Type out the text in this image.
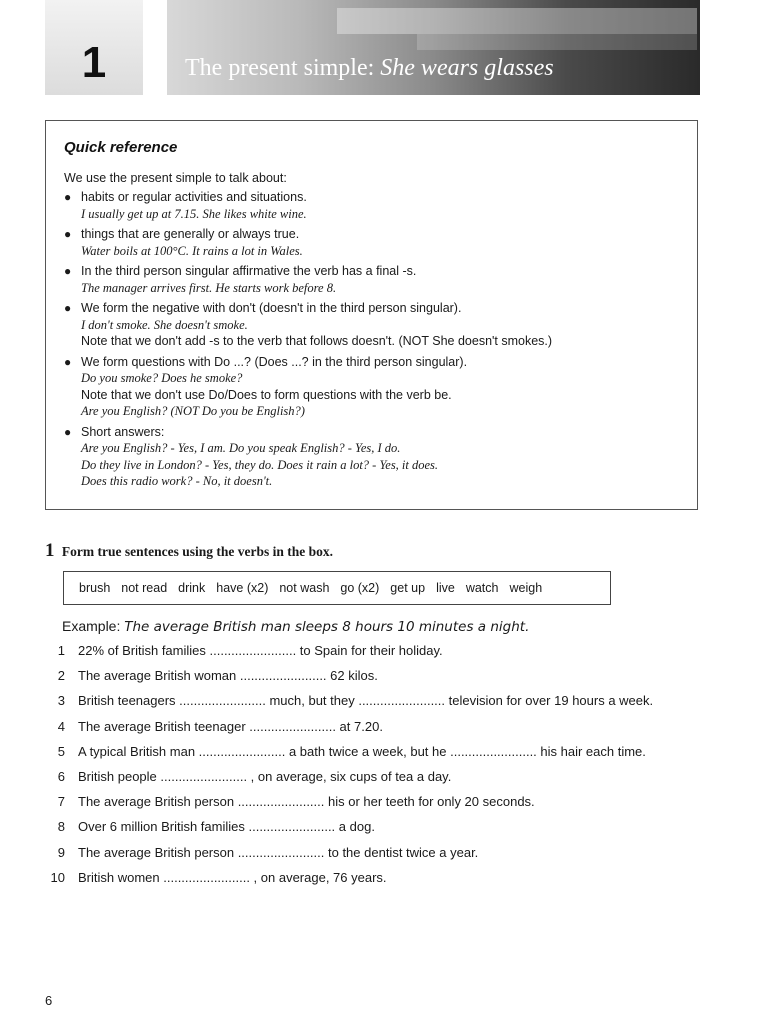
1	The present simple: She wears glasses
Quick reference
We use the present simple to talk about:
● habits or regular activities and situations.
I usually get up at 7.15. She likes white wine.
● things that are generally or always true.
Water boils at 100°C. It rains a lot in Wales.
● In the third person singular affirmative the verb has a final -s.
The manager arrives first. He starts work before 8.
● We form the negative with don't (doesn't in the third person singular).
I don't smoke. She doesn't smoke.
Note that we don't add -s to the verb that follows doesn't. (NOT She doesn't smokes.)
● We form questions with Do ...? (Does ...? in the third person singular).
Do you smoke? Does he smoke?
Note that we don't use Do/Does to form questions with the verb be.
Are you English? (NOT Do you be English?)
● Short answers:
Are you English? - Yes, I am. Do you speak English? - Yes, I do.
Do they live in London? - Yes, they do. Does it rain a lot? - Yes, it does.
Does this radio work? - No, it doesn't.
1 Form true sentences using the verbs in the box.
brush not read drink have (x2) not wash go (x2) get up live watch weigh
Example: The average British man sleeps 8 hours 10 minutes a night.
1 22% of British families ........................ to Spain for their holiday.
2 The average British woman ........................ 62 kilos.
3 British teenagers ........................ much, but they ........................ television for over 19 hours a week.
4 The average British teenager ........................ at 7.20.
5 A typical British man ........................ a bath twice a week, but he ........................ his hair each time.
6 British people ........................ , on average, six cups of tea a day.
7 The average British person ........................ his or her teeth for only 20 seconds.
8 Over 6 million British families ........................ a dog.
9 The average British person ........................ to the dentist twice a year.
10 British women ........................ , on average, 76 years.
6
